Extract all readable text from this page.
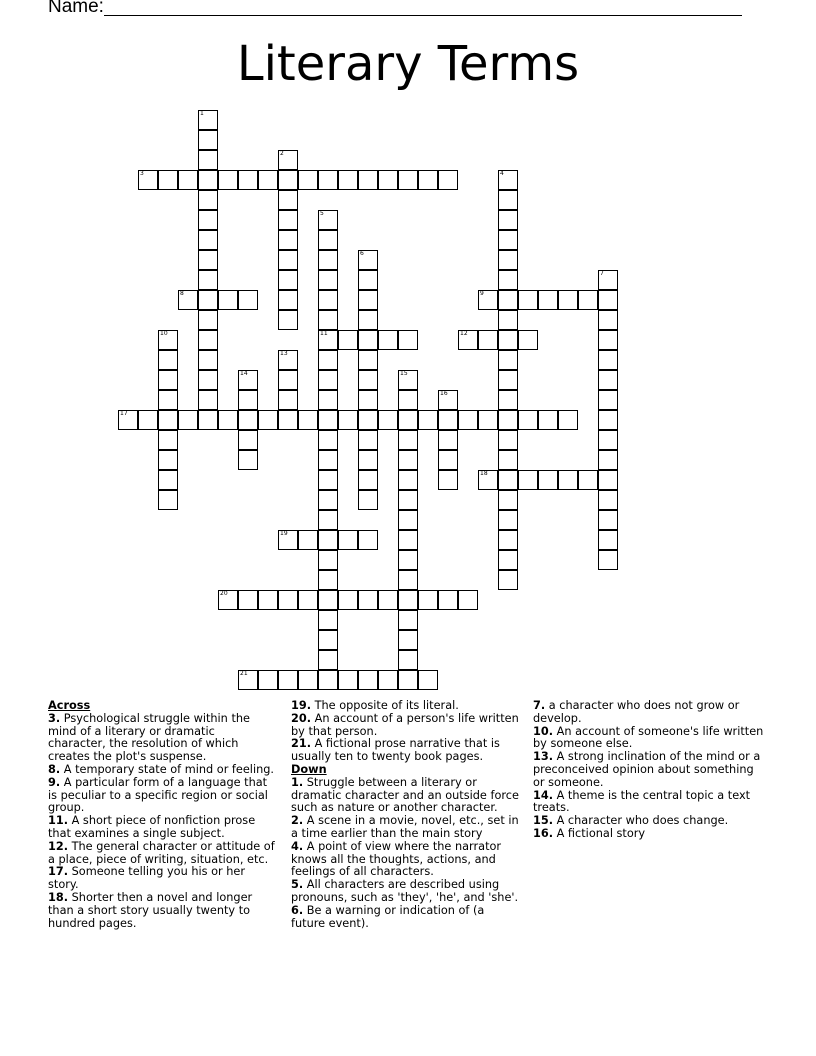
Name:
Literary Terms
1
2
3	4
5
11
6
7
8	9
10	12
13
14	15
16
17
18
19
20
21
Across
3. Psychological struggle within the mind of a literary or dramatic character, the resolution of which creates the plot's suspense.
8. A temporary state of mind or feeling.
9. A particular form of a language that is peculiar to a specific region or social group.
11. A short piece of nonfiction prose that examines a single subject.
12. The general character or attitude of a place, piece of writing, situation, etc.
17. Someone telling you his or her story.
18. Shorter then a novel and longer than a short story usually twenty to hundred pages.
19. The opposite of its literal.
20. An account of a person's life written by that person.
21. A fictional prose narrative that is usually ten to twenty book pages.
Down
1. Struggle between a literary or dramatic character and an outside force such as nature or another character.
2. A scene in a movie, novel, etc., set in a time earlier than the main story
4. A point of view where the narrator knows all the thoughts, actions, and feelings of all characters.
5. All characters are described using pronouns, such as 'they', 'he', and 'she'.
6. Be a warning or indication of (a future event).
7. a character who does not grow or develop.
10. An account of someone's life written by someone else.
13. A strong inclination of the mind or a preconceived opinion about something or someone.
14. A theme is the central topic a text treats.
15. A character who does change.
16. A fictional story
